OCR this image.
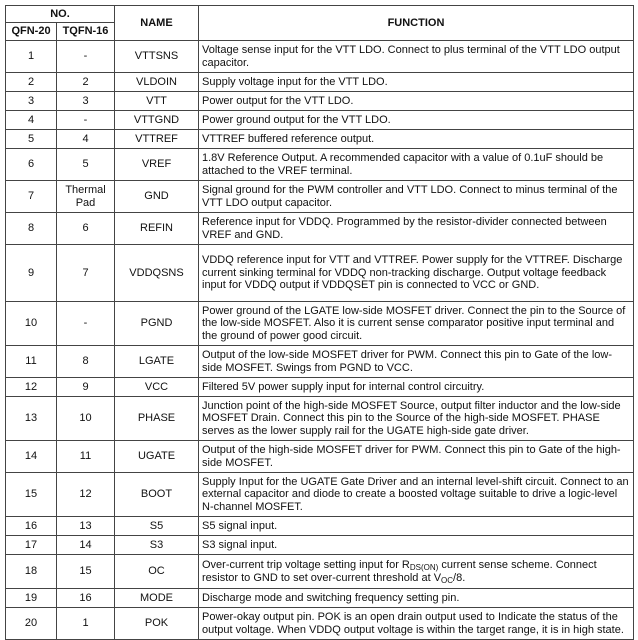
NO.		NAME	FUNCTION
QFN-20	TQFN-16		
1	-	VTTSNS	Voltage sense input for the VTT LDO. Connect to plus terminal of the VTT LDO output capacitor.
2	2	VLDOIN	Supply voltage input for the VTT LDO.
3	3	VTT	Power output for the VTT LDO.
4	-	VTTGND	Power ground output for the VTT LDO.
5	4	VTTREF	VTTREF buffered reference output.
6	5	VREF	1.8V Reference Output. A recommended capacitor with a value of 0.1uF should be attached to the VREF terminal.
7	Thermal Pad	GND	Signal ground for the PWM controller and VTT LDO. Connect to minus terminal of the VTT LDO output capacitor.
8	6	REFIN	Reference input for VDDQ. Programmed by the resistor-divider connected between VREF and GND.
9	7	VDDQSNS	VDDQ reference input for VTT and VTTREF. Power supply for the VTTREF. Discharge current sinking terminal for VDDQ non-tracking discharge. Output voltage feedback input for VDDQ output if VDDQSET pin is connected to VCC or GND.
10	-	PGND	Power ground of the LGATE low-side MOSFET driver. Connect the pin to the Source of the low-side MOSFET. Also it is current sense comparator positive input terminal and the ground of power good circuit.
11	8	LGATE	Output of the low-side MOSFET driver for PWM. Connect this pin to Gate of the low-side MOSFET. Swings from PGND to VCC.
12	9	VCC	Filtered 5V power supply input for internal control circuitry.
13	10	PHASE	Junction point of the high-side MOSFET Source, output filter inductor and the low-side MOSFET Drain. Connect this pin to the Source of the high-side MOSFET. PHASE serves as the lower supply rail for the UGATE high-side gate driver.
14	11	UGATE	Output of the high-side MOSFET driver for PWM. Connect this pin to Gate of the high-side MOSFET.
15	12	BOOT	Supply Input for the UGATE Gate Driver and an internal level-shift circuit. Connect to an external capacitor and diode to create a boosted voltage suitable to drive a logic-level N-channel MOSFET.
16	13	S5	S5 signal input.
17	14	S3	S3 signal input.
18	15	OC	Over-current trip voltage setting input for $R_{DS(ON)}$ current sense scheme. Connect resistor to GND to set over-current threshold at $V_{OC}/8$.
19	16	MODE	Discharge mode and switching frequency setting pin.
20	1	POK	Power-okay output pin. POK is an open drain output used to Indicate the status of the output voltage. When VDDQ output voltage is within the target range, it is in high state.
